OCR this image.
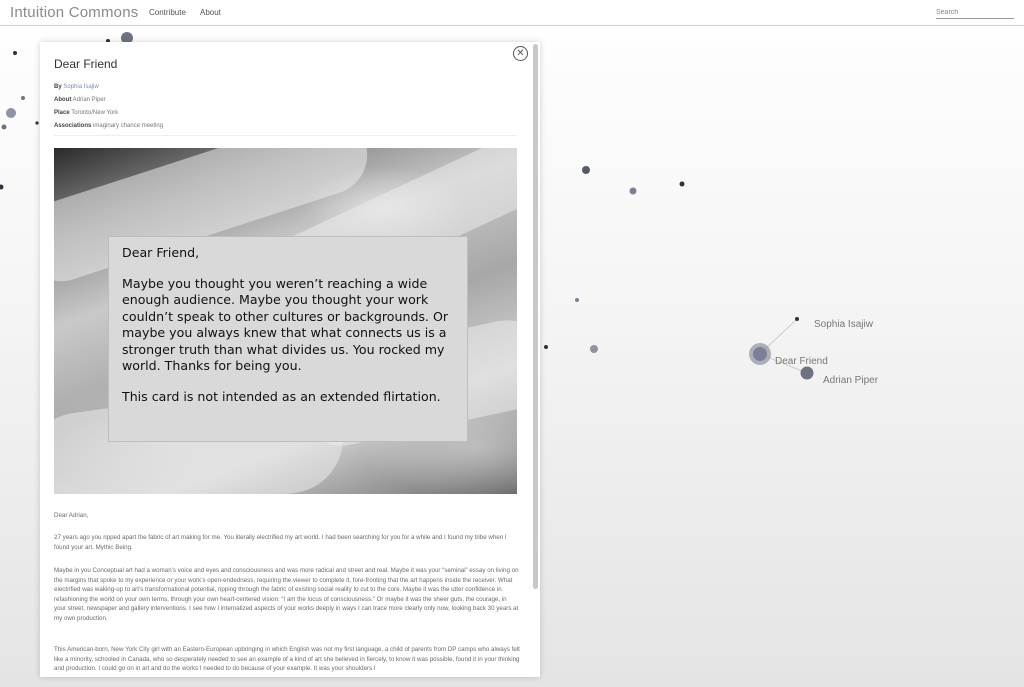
Intuition Commons Contribute About
Search
Sophia Isajiw
Dear Friend
Adrian Piper
✕
Dear Friend
By Sophia Isajiw
About Adrian Piper
Place Toronto/New York
Associations imaginary chance meeting

Dear Friend,

Maybe you thought you weren’t reaching a wide enough audience. Maybe you thought your work couldn’t speak to other cultures or backgrounds. Or maybe you always knew that what connects us is a stronger truth than what divides us. You rocked my world. Thanks for being you.

This card is not intended as an extended flirtation.

Dear Adrian,
27 years ago you ripped apart the fabric of art making for me. You literally electrified my art world. I had been searching for you for a while and I found my tribe when I found your art. Mythic Being.
Maybe in you Conceptual art had a woman’s voice and eyes and consciousness and was more radical and street and real. Maybe it was your “seminal” essay on living on the margins that spoke to my experience or your work’s open-endedness, requiring the viewer to complete it, fore-fronting that the art happens inside the receiver. What electrified was waking-up to art’s transformational potential, ripping through the fabric of existing social reality to cut to the core. Maybe it was the utter confidence in refashioning the world on your own terms, through your own heart-centered vision: “I am the locus of consciousness.” Or maybe it was the sheer guts, the courage, in your street, newspaper and gallery interventions. I see how I internalized aspects of your works deeply in ways I can trace more clearly only now, looking back 30 years at my own production.
This American-born, New York City girl with an Eastern-European upbringing in which English was not my first language, a child of parents from DP camps who always felt like a minority, schooled in Canada, who so desperately needed to see an example of a kind of art she believed in fiercely, to know it was possible, found it in your thinking and production. I could go on in art and do the works I needed to do because of your example. It was your shoulders I
